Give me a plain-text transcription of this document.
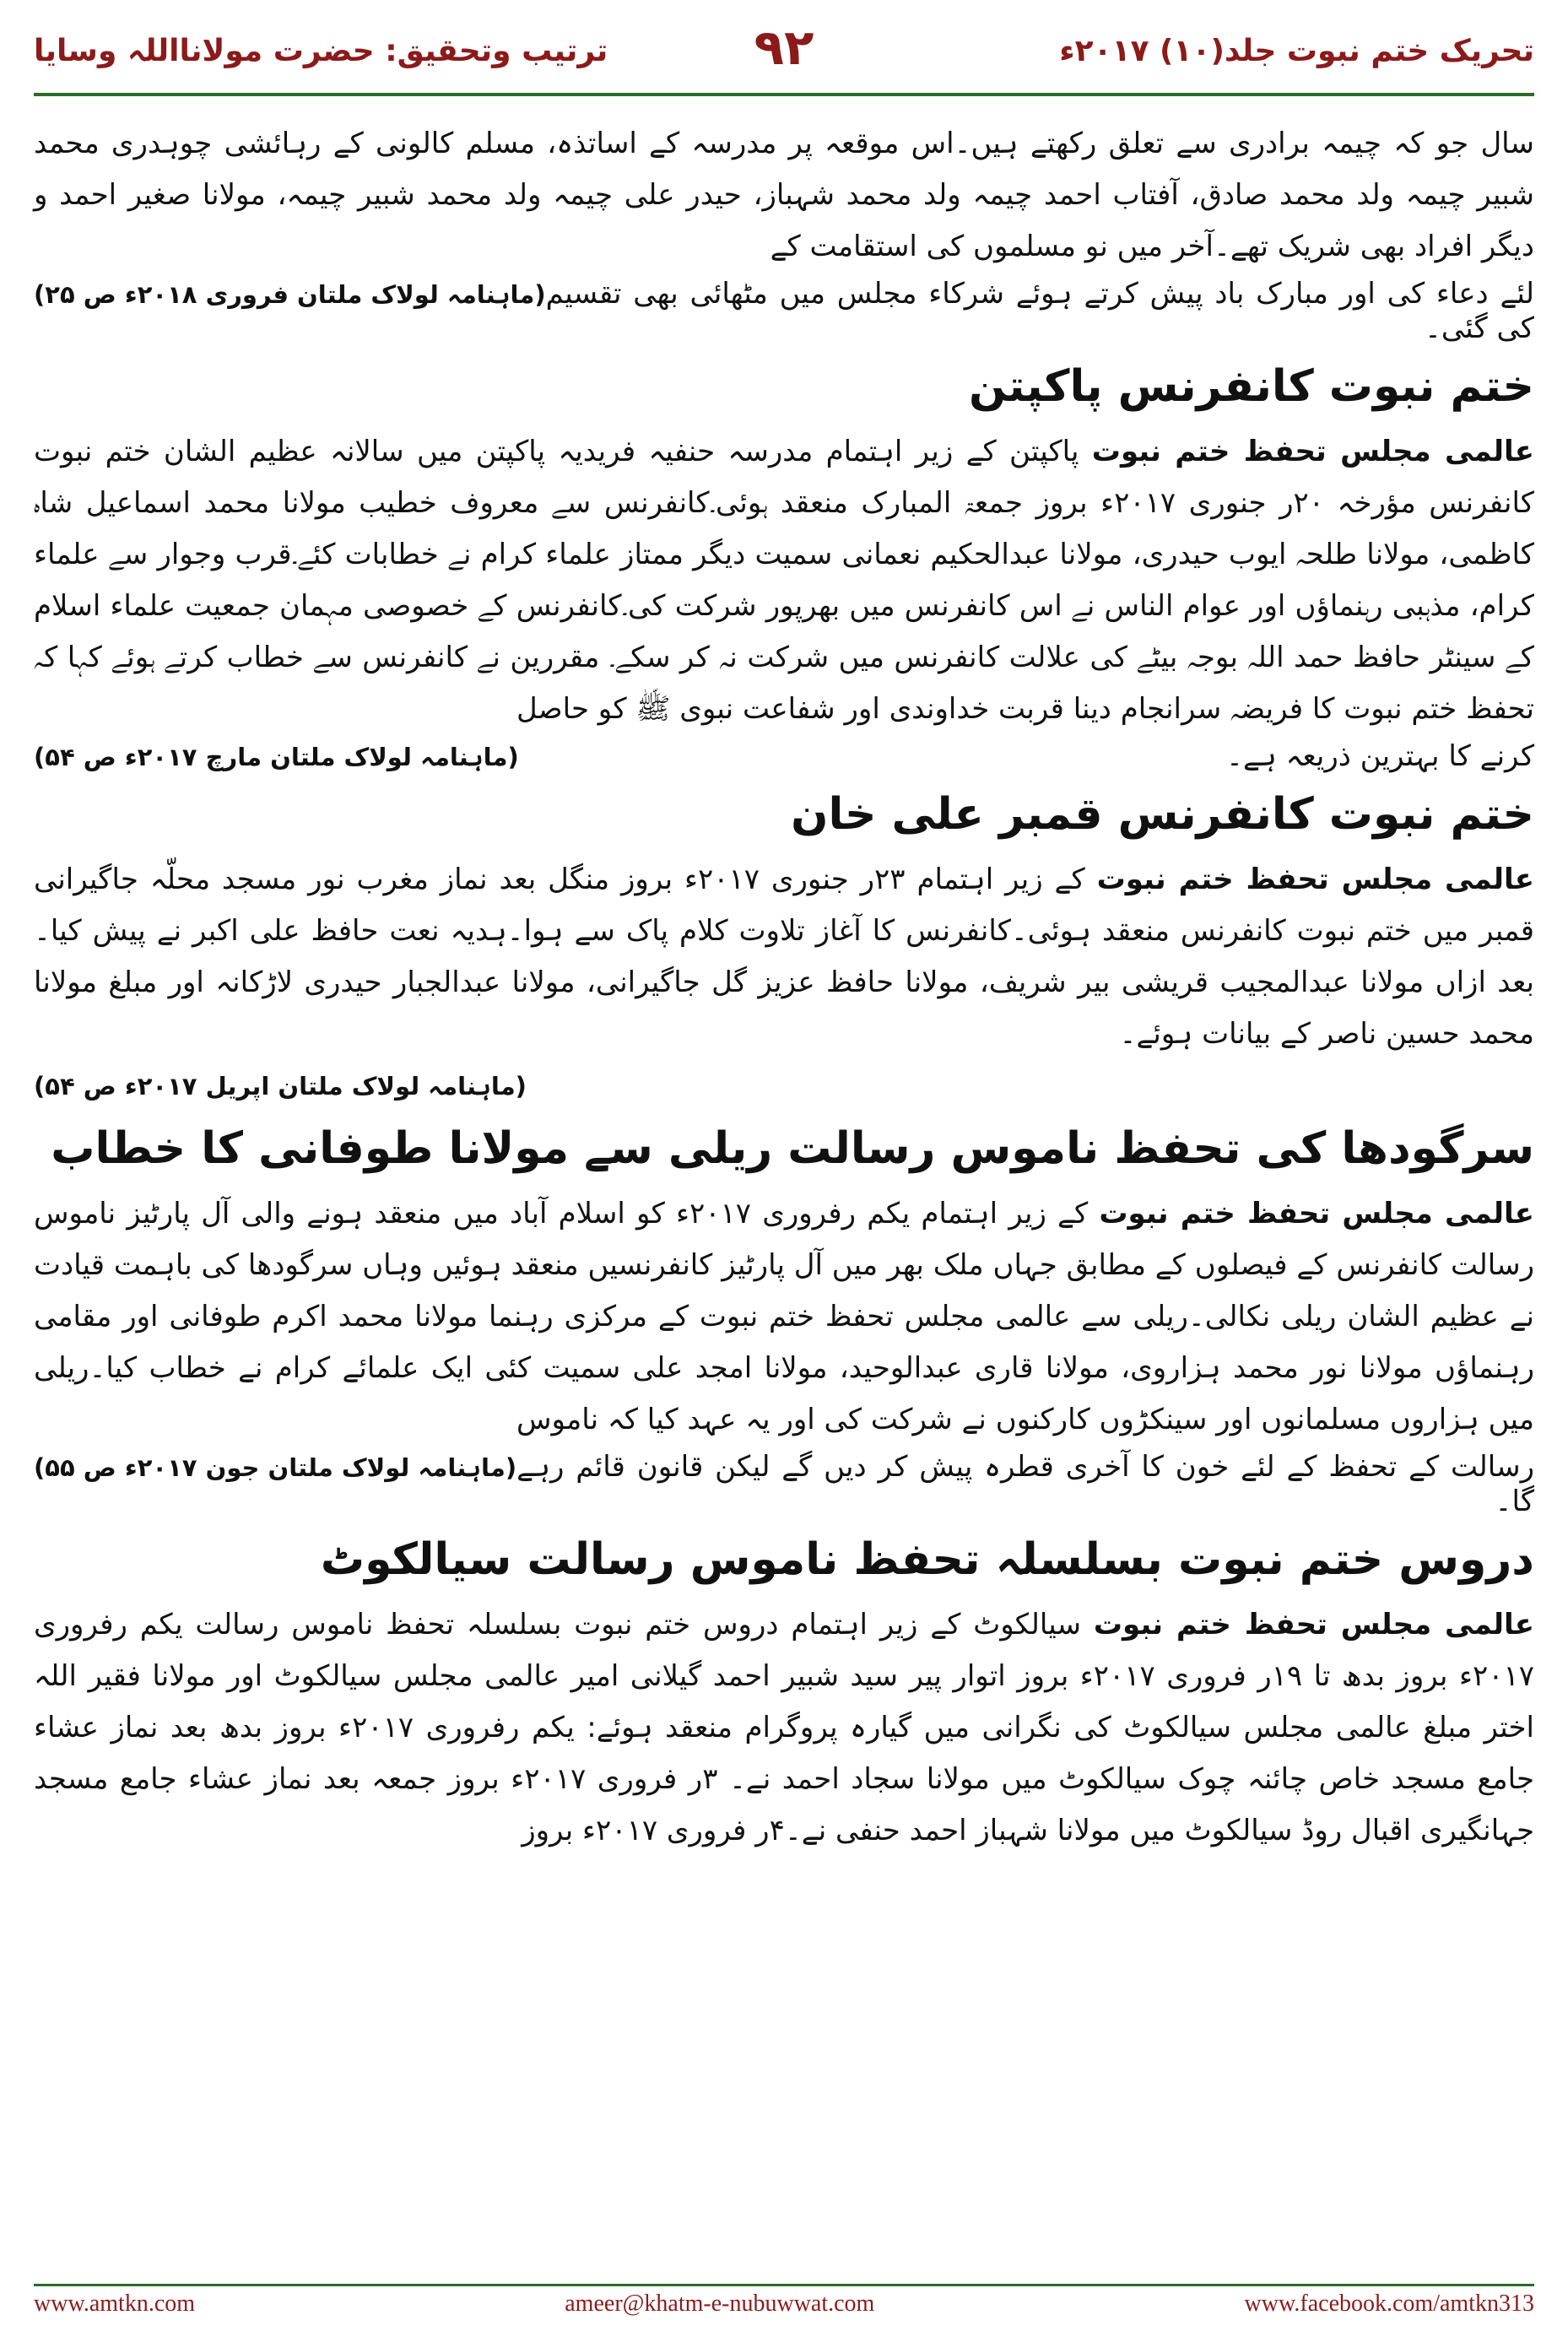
ترتیب وتحقیق: حضرت مولانااللہ وسایا	۹۲	تحریک ختم نبوت جلد(۱۰) ۲۰۱۷ء

سال جو کہ چیمہ برادری سے تعلق رکھتے ہیں۔اس موقعہ پر مدرسہ کے اساتذہ، مسلم کالونی کے رہائشی چوہدری محمد شبیر چیمہ ولد محمد صادق، آفتاب احمد چیمہ ولد محمد شہباز، حیدر علی چیمہ ولد محمد شبیر چیمہ، مولانا صغیر احمد و دیگر افراد بھی شریک تھے۔آخر میں نو مسلموں کی استقامت کے

لئے دعاء کی اور مبارک باد پیش کرتے ہوئے شرکاء مجلس میں مٹھائی بھی تقسیم کی گئی۔
(ماہنامہ لولاک ملتان فروری ۲۰۱۸ء ص ۲۵)
ختم نبوت کانفرنس پاکپتن

عالمی مجلس تحفظ ختم نبوت پاکپتن کے زیر اہتمام مدرسہ حنفیہ فریدیہ پاکپتن میں سالانہ عظیم الشان ختم نبوت کانفرنس مؤرخہ ۲۰ر جنوری ۲۰۱۷ء بروز جمعۃ المبارک منعقد ہوئی۔کانفرنس سے معروف خطیب مولانا محمد اسماعیل شاہ کاظمی، مولانا طلحہ ایوب حیدری، مولانا عبدالحکیم نعمانی سمیت دیگر ممتاز علماء کرام نے خطابات کئے۔قرب وجوار سے علماء کرام، مذہبی رہنماؤں اور عوام الناس نے اس کانفرنس میں بھرپور شرکت کی۔کانفرنس کے خصوصی مہمان جمعیت علماء اسلام کے سینٹر حافظ حمد اللہ بوجہ بیٹے کی علالت کانفرنس میں شرکت نہ کر سکے۔ مقررین نے کانفرنس سے خطاب کرتے ہوئے کہا کہ تحفظ ختم نبوت کا فریضہ سرانجام دینا قربت خداوندی اور شفاعت نبوی ﷺ کو حاصل

کرنے کا بہترین ذریعہ ہے۔
(ماہنامہ لولاک ملتان مارچ ۲۰۱۷ء ص ۵۴)
ختم نبوت کانفرنس قمبر علی خان

عالمی مجلس تحفظ ختم نبوت کے زیر اہتمام ۲۳ر جنوری ۲۰۱۷ء بروز منگل بعد نماز مغرب نور مسجد محلّہ جاگیرانی قمبر میں ختم نبوت کانفرنس منعقد ہوئی۔کانفرنس کا آغاز تلاوت کلام پاک سے ہوا۔ہدیہ نعت حافظ علی اکبر نے پیش کیا۔بعد ازاں مولانا عبدالمجیب قریشی بیر شریف، مولانا حافظ عزیز گل جاگیرانی، مولانا عبدالجبار حیدری لاڑکانہ اور مبلغ مولانا محمد حسین ناصر کے بیانات ہوئے۔

(ماہنامہ لولاک ملتان اپریل ۲۰۱۷ء ص ۵۴)
سرگودھا کی تحفظ ناموس رسالت ریلی سے مولانا طوفانی کا خطاب

عالمی مجلس تحفظ ختم نبوت کے زیر اہتمام یکم رفروری ۲۰۱۷ء کو اسلام آباد میں منعقد ہونے والی آل پارٹیز ناموس رسالت کانفرنس کے فیصلوں کے مطابق جہاں ملک بھر میں آل پارٹیز کانفرنسیں منعقد ہوئیں وہاں سرگودھا کی باہمت قیادت نے عظیم الشان ریلی نکالی۔ریلی سے عالمی مجلس تحفظ ختم نبوت کے مرکزی رہنما مولانا محمد اکرم طوفانی اور مقامی رہنماؤں مولانا نور محمد ہزاروی، مولانا قاری عبدالوحید، مولانا امجد علی سمیت کئی ایک علمائے کرام نے خطاب کیا۔ریلی میں ہزاروں مسلمانوں اور سینکڑوں کارکنوں نے شرکت کی اور یہ عہد کیا کہ ناموس

رسالت کے تحفظ کے لئے خون کا آخری قطرہ پیش کر دیں گے لیکن قانون قائم رہے گا۔
(ماہنامہ لولاک ملتان جون ۲۰۱۷ء ص ۵۵)
دروس ختم نبوت بسلسلہ تحفظ ناموس رسالت سیالکوٹ

عالمی مجلس تحفظ ختم نبوت سیالکوٹ کے زیر اہتمام دروس ختم نبوت بسلسلہ تحفظ ناموس رسالت یکم رفروری ۲۰۱۷ء بروز بدھ تا ۱۹ر فروری ۲۰۱۷ء بروز اتوار پیر سید شبیر احمد گیلانی امیر عالمی مجلس سیالکوٹ اور مولانا فقیر اللہ اختر مبلغ عالمی مجلس سیالکوٹ کی نگرانی میں گیارہ پروگرام منعقد ہوئے: یکم رفروری ۲۰۱۷ء بروز بدھ بعد نماز عشاء جامع مسجد خاص چائنہ چوک سیالکوٹ میں مولانا سجاد احمد نے۔ ۳ر فروری ۲۰۱۷ء بروز جمعہ بعد نماز عشاء جامع مسجد جہانگیری اقبال روڈ سیالکوٹ میں مولانا شہباز احمد حنفی نے۔۴ر فروری ۲۰۱۷ء بروز

www.amtkn.com	ameer@khatm-e-nubuwwat.com	www.facebook.com/amtkn313
